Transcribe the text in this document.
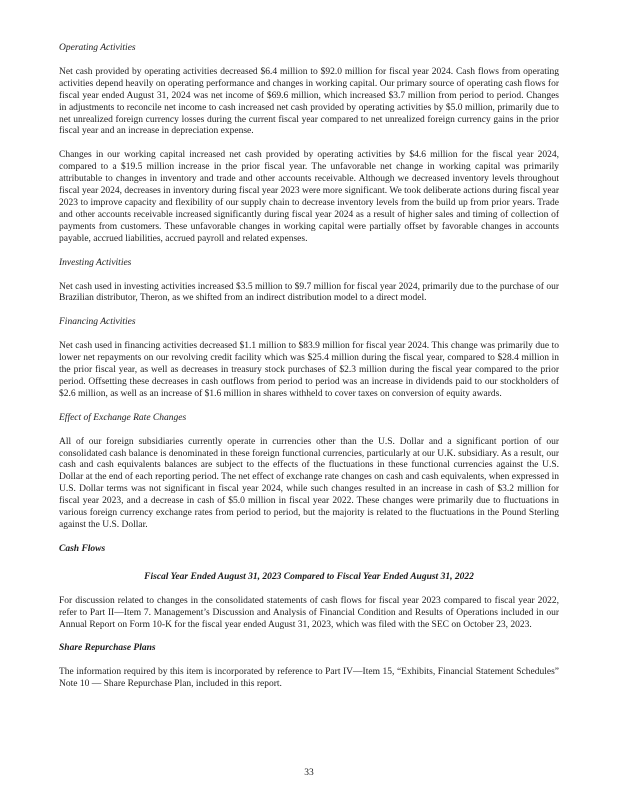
Operating Activities
Net cash provided by operating activities decreased $6.4 million to $92.0 million for fiscal year 2024. Cash flows from operating activities depend heavily on operating performance and changes in working capital. Our primary source of operating cash flows for fiscal year ended August 31, 2024 was net income of $69.6 million, which increased $3.7 million from period to period. Changes in adjustments to reconcile net income to cash increased net cash provided by operating activities by $5.0 million, primarily due to net unrealized foreign currency losses during the current fiscal year compared to net unrealized foreign currency gains in the prior fiscal year and an increase in depreciation expense.
Changes in our working capital increased net cash provided by operating activities by $4.6 million for the fiscal year 2024, compared to a $19.5 million increase in the prior fiscal year. The unfavorable net change in working capital was primarily attributable to changes in inventory and trade and other accounts receivable. Although we decreased inventory levels throughout fiscal year 2024, decreases in inventory during fiscal year 2023 were more significant. We took deliberate actions during fiscal year 2023 to improve capacity and flexibility of our supply chain to decrease inventory levels from the build up from prior years. Trade and other accounts receivable increased significantly during fiscal year 2024 as a result of higher sales and timing of collection of payments from customers. These unfavorable changes in working capital were partially offset by favorable changes in accounts payable, accrued liabilities, accrued payroll and related expenses.
Investing Activities
Net cash used in investing activities increased $3.5 million to $9.7 million for fiscal year 2024, primarily due to the purchase of our Brazilian distributor, Theron, as we shifted from an indirect distribution model to a direct model.
Financing Activities
Net cash used in financing activities decreased $1.1 million to $83.9 million for fiscal year 2024. This change was primarily due to lower net repayments on our revolving credit facility which was $25.4 million during the fiscal year, compared to $28.4 million in the prior fiscal year, as well as decreases in treasury stock purchases of $2.3 million during the fiscal year compared to the prior period. Offsetting these decreases in cash outflows from period to period was an increase in dividends paid to our stockholders of $2.6 million, as well as an increase of $1.6 million in shares withheld to cover taxes on conversion of equity awards.
Effect of Exchange Rate Changes
All of our foreign subsidiaries currently operate in currencies other than the U.S. Dollar and a significant portion of our consolidated cash balance is denominated in these foreign functional currencies, particularly at our U.K. subsidiary. As a result, our cash and cash equivalents balances are subject to the effects of the fluctuations in these functional currencies against the U.S. Dollar at the end of each reporting period. The net effect of exchange rate changes on cash and cash equivalents, when expressed in U.S. Dollar terms was not significant in fiscal year 2024, while such changes resulted in an increase in cash of $3.2 million for fiscal year 2023, and a decrease in cash of $5.0 million in fiscal year 2022. These changes were primarily due to fluctuations in various foreign currency exchange rates from period to period, but the majority is related to the fluctuations in the Pound Sterling against the U.S. Dollar.
Cash Flows
Fiscal Year Ended August 31, 2023 Compared to Fiscal Year Ended August 31, 2022
For discussion related to changes in the consolidated statements of cash flows for fiscal year 2023 compared to fiscal year 2022, refer to Part II—Item 7. Management’s Discussion and Analysis of Financial Condition and Results of Operations included in our Annual Report on Form 10-K for the fiscal year ended August 31, 2023, which was filed with the SEC on October 23, 2023.
Share Repurchase Plans
The information required by this item is incorporated by reference to Part IV—Item 15, “Exhibits, Financial Statement Schedules” Note 10 — Share Repurchase Plan, included in this report.
33
